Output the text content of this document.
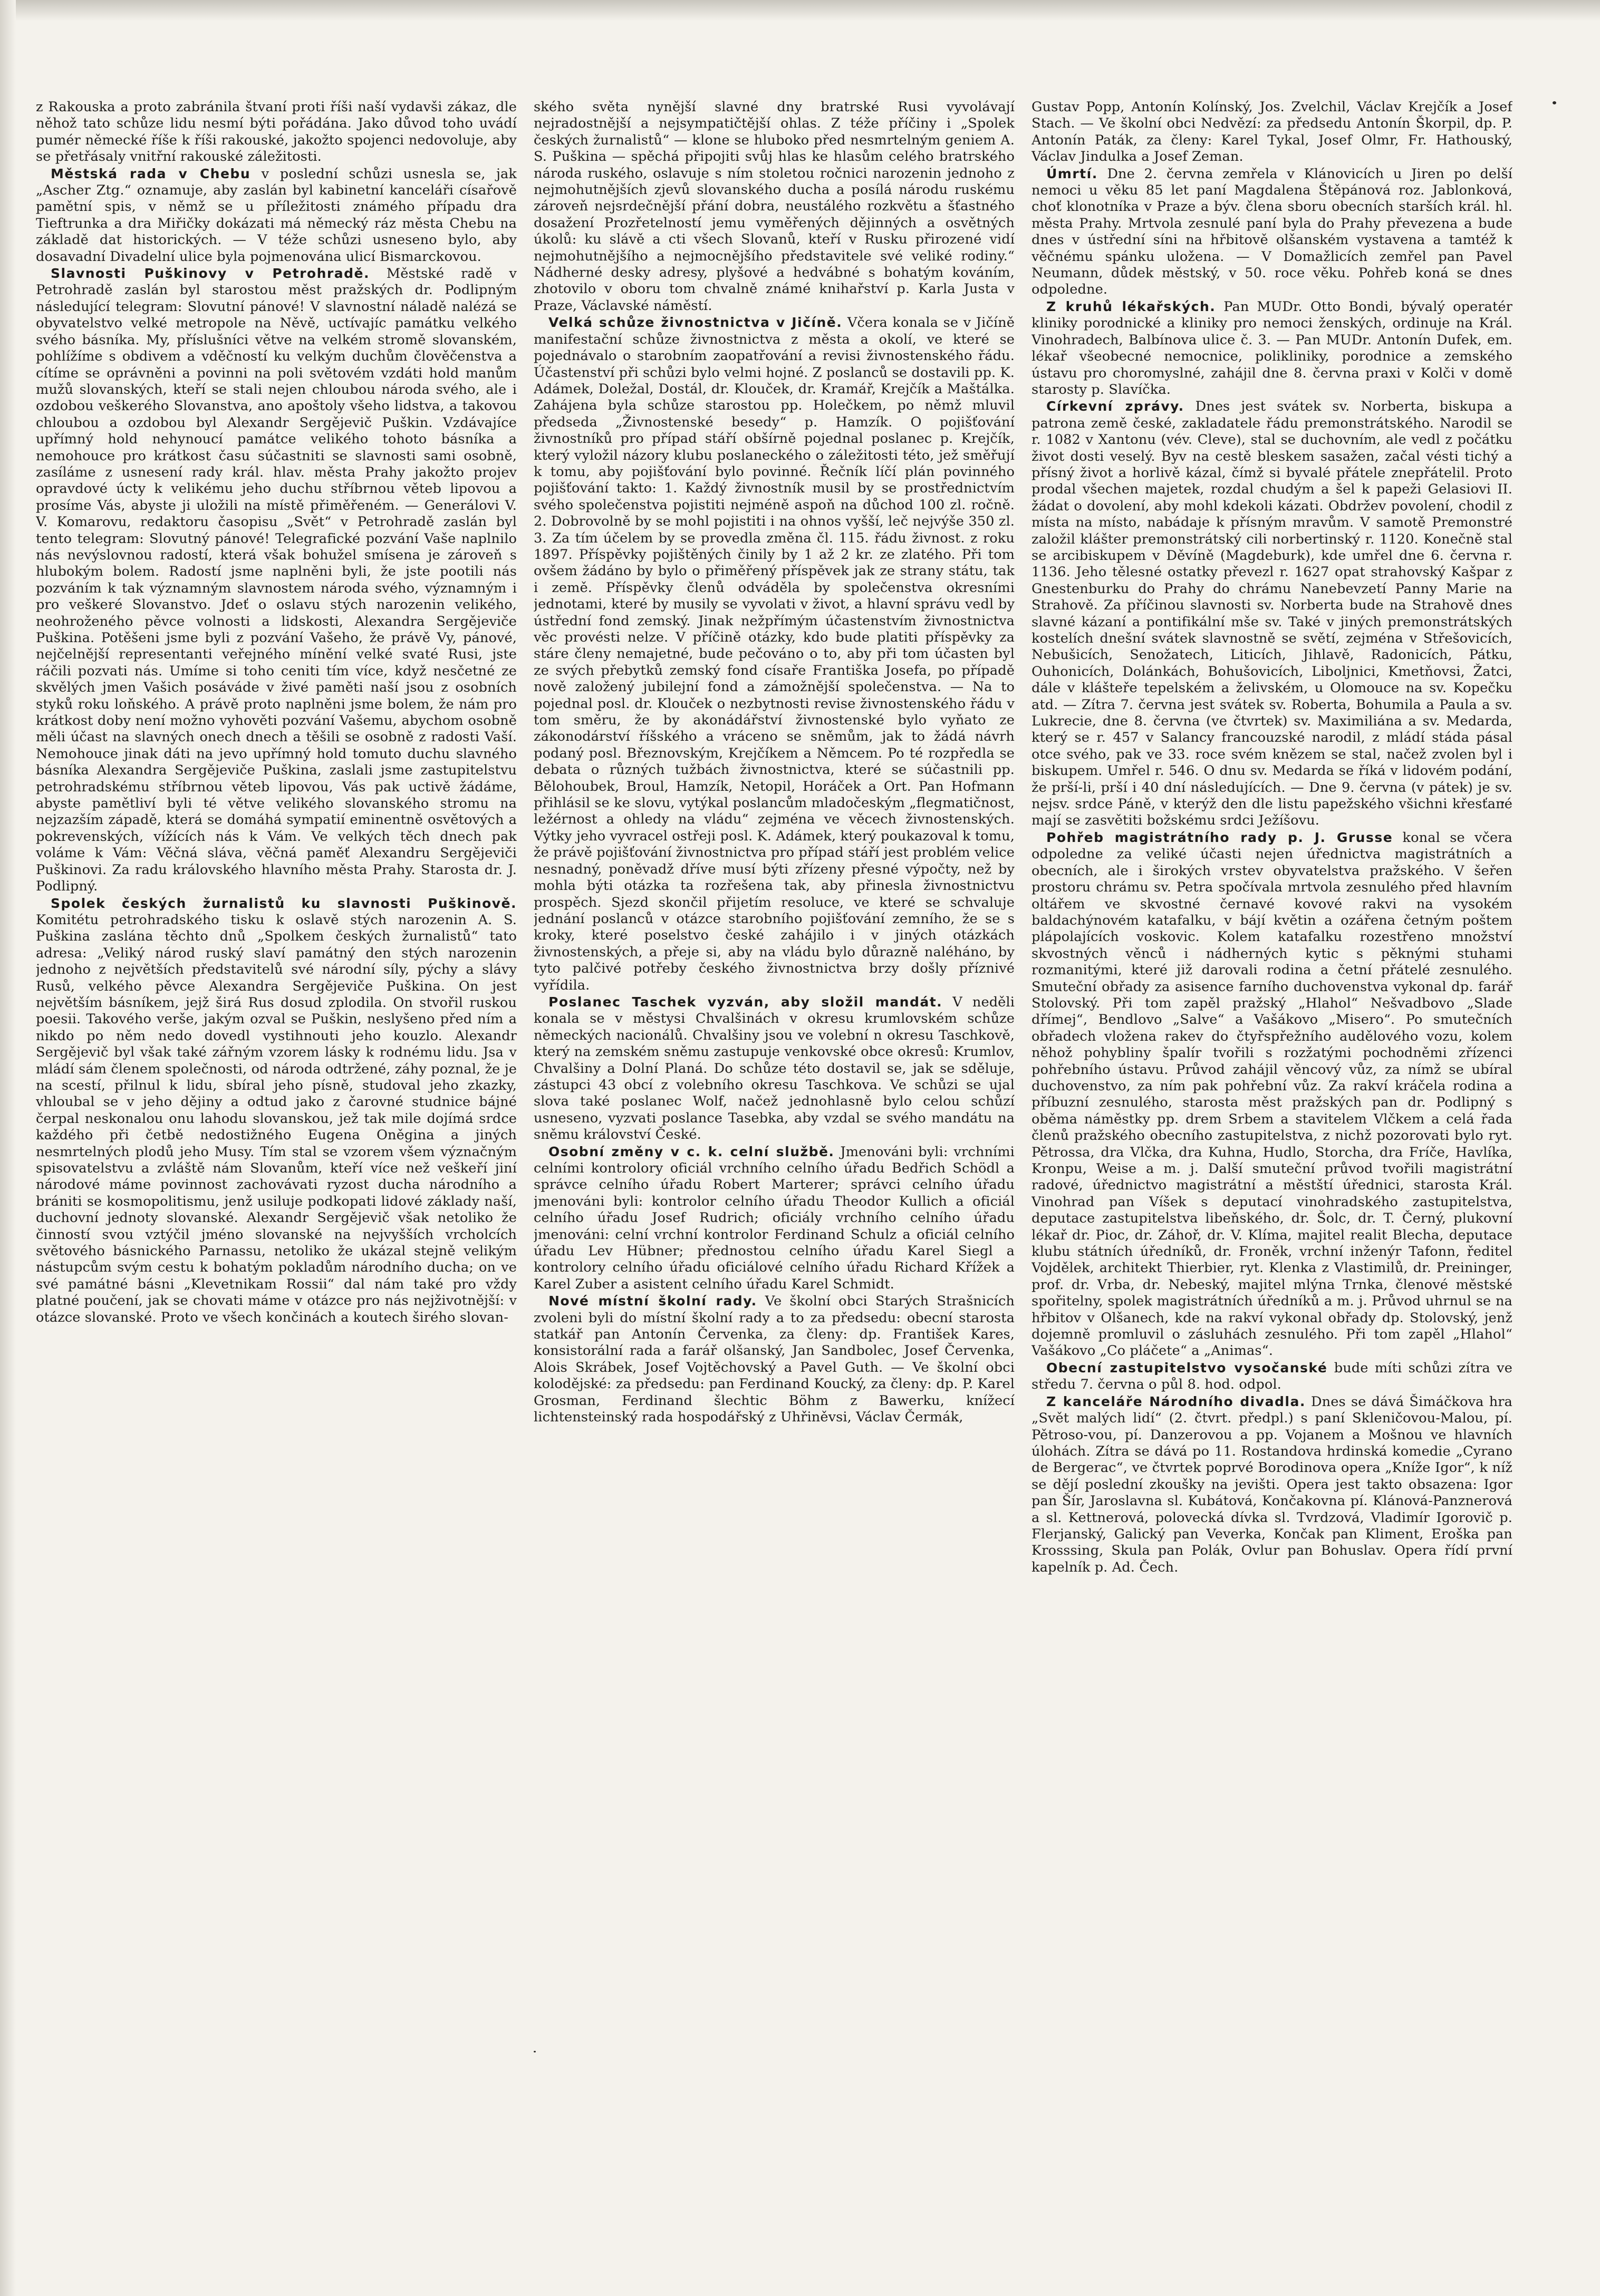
z Rakouska a proto zabránila štvaní proti říši naší vydavši zákaz, dle něhož tato schůze lidu nesmí býti pořádána. Jako důvod toho uvádí pumér německé říše k říši rakouské, jakožto spojenci nedovoluje, aby se přetřásaly vnitřní rakouské záležitosti.

Městská rada v Chebu v poslední schůzi usnesla se, jak „Ascher Ztg.“ oznamuje, aby zaslán byl kabinetní kanceláři císařově pamětní spis, v němž se u příležitosti známého případu dra Tieftrunka a dra Miřičky dokázati má německý ráz města Chebu na základě dat historických. — V téže schůzi usneseno bylo, aby dosavadní Divadelní ulice byla pojmenována ulicí Bismarckovou.

Slavnosti Puškinovy v Petrohradě. Městské radě v Petrohradě zaslán byl starostou měst pražských dr. Podlipným následující telegram: Slovutní pánové! V slavnostní náladě nalézá se obyvatelstvo velké metropole na Něvě, uctívajíc památku velkého svého básníka. My, příslušníci větve na velkém stromě slovanském, pohlížíme s obdivem a vděčností ku velkým duchům člověčenstva a cítíme se oprávněni a povinni na poli světovém vzdáti hold manům mužů slovanských, kteří se stali nejen chloubou národa svého, ale i ozdobou veškerého Slovanstva, ano apoštoly všeho lidstva, a takovou chloubou a ozdobou byl Alexandr Sergějevič Puškin. Vzdávajíce upřímný hold nehynoucí památce velikého tohoto básníka a nemohouce pro krátkost času súčastniti se slavnosti sami osobně, zasíláme z usnesení rady král. hlav. města Prahy jakožto projev opravdové úcty k velikému jeho duchu stříbrnou věteb lipovou a prosíme Vás, abyste ji uložili na místě přiměřeném. — Generálovi V. V. Komarovu, redaktoru časopisu „Svět“ v Petrohradě zaslán byl tento telegram: Slovutný pánové! Telegrafické pozvání Vaše naplnilo nás nevýslovnou radostí, která však bohužel smísena je zároveň s hlubokým bolem. Radostí jsme naplněni byli, že jste pootili nás pozváním k tak významným slavnostem národa svého, významným i pro veškeré Slovanstvo. Jdeť o oslavu stých narozenin velikého, neohroženého pěvce volnosti a lidskosti, Alexandra Sergějeviče Puškina. Potěšeni jsme byli z pozvání Vašeho, že právě Vy, pánové, nejčelnější representanti veřejného mínění velké svaté Rusi, jste ráčili pozvati nás. Umíme si toho ceniti tím více, když nesčetné ze skvělých jmen Vašich posáváde v živé paměti naší jsou z osobních styků roku loňského. A právě proto naplněni jsme bolem, že nám pro krátkost doby není možno vyhověti pozvání Vašemu, abychom osobně měli účast na slavných onech dnech a těšili se osobně z radosti Vaší. Nemohouce jinak dáti na jevo upřímný hold tomuto duchu slavného básníka Alexandra Sergějeviče Puškina, zaslali jsme zastupitelstvu petrohradskému stříbrnou věteb lipovou, Vás pak uctivě žádáme, abyste pamětliví byli té větve velikého slovanského stromu na nejzazším západě, která se domáhá sympatií eminentně osvětových a pokrevenských, vížících nás k Vám. Ve velkých těch dnech pak voláme k Vám: Věčná sláva, věčná paměť Alexandru Sergějeviči Puškinovi. Za radu královského hlavního města Prahy. Starosta dr. J. Podlipný.

Spolek českých žurnalistů ku slavnosti Puškinově. Komitétu petrohradského tisku k oslavě stých narozenin A. S. Puškina zaslána těchto dnů „Spolkem českých žurnalistů“ tato adresa: „Veliký národ ruský slaví památný den stých narozenin jednoho z největších představitelů své národní síly, pýchy a slávy Rusů, velkého pěvce Alexandra Sergějeviče Puškina. On jest největším básníkem, jejž širá Rus dosud zplodila. On stvořil ruskou poesii. Takového verše, jakým ozval se Puškin, neslyšeno před ním a nikdo po něm nedo dovedl vystihnouti jeho kouzlo. Alexandr Sergějevič byl však také zářným vzorem lásky k rodnému lidu. Jsa v mládí sám členem společnosti, od národa odtržené, záhy poznal, že je na scestí, přilnul k lidu, sbíral jeho písně, studoval jeho zkazky, vhloubal se v jeho dějiny a odtud jako z čarovné studnice bájné čerpal neskonalou onu lahodu slovanskou, jež tak mile dojímá srdce každého při četbě nedostižného Eugena Oněgina a jiných nesmrtelných plodů jeho Musy. Tím stal se vzorem všem význačným spisovatelstvu a zvláště nám Slovanům, kteří více než veškeří jiní národové máme povinnost zachovávati ryzost ducha národního a brániti se kosmopolitismu, jenž usiluje podkopati lidové základy naší, duchovní jednoty slovanské. Alexandr Sergějevič však netoliko že činností svou vztýčil jméno slovanské na nejvyšších vrcholcích světového básnického Parnassu, netoliko že ukázal stejně velikým nástupcům svým cestu k bohatým pokladům národního ducha; on ve své památné básni „Klevetnikam Rossii“ dal nám také pro vždy platné poučení, jak se chovati máme v otázce pro nás nejživotnější: v otázce slovanské. Proto ve všech končinách a koutech širého slovan-

ského světa nynější slavné dny bratrské Rusi vyvolávají nejradostnější a nejsympatičtější ohlas. Z téže příčiny i „Spolek českých žurnalistů“ — klone se hluboko před nesmrtelným geniem A. S. Puškina — spěchá připojiti svůj hlas ke hlasům celého bratrského národa ruského, oslavuje s ním stoletou ročnici narozenin jednoho z nejmohutnějších zjevů slovanského ducha a posílá národu ruskému zároveň nejsrdečnější přání dobra, neustálého rozkvětu a šťastného dosažení Prozřetelností jemu vyměřených dějinných a osvětných úkolů: ku slávě a cti všech Slovanů, kteří v Rusku přirozené vidí nejmohutnějšího a nejmocnějšího představitele své veliké rodiny.“ Nádherné desky adresy, plyšové a hedvábné s bohatým kováním, zhotovilo v oboru tom chvalně známé knihařství p. Karla Justa v Praze, Václavské náměstí.

Velká schůze živnostnictva v Jičíně. Včera konala se v Jičíně manifestační schůze živnostnictva z města a okolí, ve které se pojednávalo o starobním zaopatřování a revisi živnostenského řádu. Účastenství při schůzi bylo velmi hojné. Z poslanců se dostavili pp. K. Adámek, Doležal, Dostál, dr. Klouček, dr. Kramář, Krejčík a Maštálka. Zahájena byla schůze starostou pp. Holečkem, po němž mluvil předseda „Živnostenské besedy“ p. Hamzík. O pojišťování živnostníků pro případ stáří obšírně pojednal poslanec p. Krejčík, který vyložil názory klubu poslaneckého o záležitosti této, jež směřují k tomu, aby pojišťování bylo povinné. Řečník líčí plán povinného pojišťování takto: 1. Každý živnostník musil by se prostřednictvím svého společenstva pojistiti nejméně aspoň na důchod 100 zl. ročně. 2. Dobrovolně by se mohl pojistiti i na ohnos vyšší, leč nejvýše 350 zl. 3. Za tím účelem by se provedla změna čl. 115. řádu živnost. z roku 1897. Příspěvky pojištěných činily by 1 až 2 kr. ze zlatého. Při tom ovšem žádáno by bylo o přiměřený příspěvek jak ze strany státu, tak i země. Příspěvky členů odváděla by společenstva okresními jednotami, které by musily se vyvolati v život, a hlavní správu vedl by ústřední fond zemský. Jinak nežpřímým účastenstvím živnostnictva věc provésti nelze. V příčině otázky, kdo bude platiti příspěvky za stáre členy nemajetné, bude pečováno o to, aby při tom účasten byl ze svých přebytků zemský fond císaře Františka Josefa, po případě nově založený jubilejní fond a zámožnější společenstva. — Na to pojednal posl. dr. Klouček o nezbytnosti revise živnostenského řádu v tom směru, že by akonádářství živnostenské bylo vyňato ze zákonodárství říšského a vráceno se sněmům, jak to žádá návrh podaný posl. Březnovským, Krejčíkem a Němcem. Po té rozpředla se debata o různých tužbách živnostnictva, které se súčastnili pp. Bělohoubek, Broul, Hamzík, Netopil, Horáček a Ort. Pan Hofmann přihlásil se ke slovu, vytýkal poslancům mladočeským „flegmatičnost, ležérnost a ohledy na vládu“ zejména ve věcech živnostenských. Výtky jeho vyvracel ostřeji posl. K. Adámek, který poukazoval k tomu, že právě pojišťování živnostnictva pro případ stáří jest problém velice nesnadný, poněvadž dříve musí býti zřízeny přesné výpočty, než by mohla býti otázka ta rozřešena tak, aby přinesla živnostnictvu prospěch. Sjezd skončil přijetím resoluce, ve které se schvaluje jednání poslanců v otázce starobního pojišťování zemního, že se s kroky, které poselstvo české zahájilo i v jiných otázkách živnostenských, a přeje si, aby na vládu bylo důrazně naléháno, by tyto palčivé potřeby českého živnostnictva brzy došly příznivé vyřídila.

Poslanec Taschek vyzván, aby složil mandát. V neděli konala se v městysi Chvalšinách v okresu krumlovském schůze německých nacionálů. Chvalšiny jsou ve volební n okresu Taschkově, který na zemském sněmu zastupuje venkovské obce okresů: Krumlov, Chvalšiny a Dolní Planá. Do schůze této dostavil se, jak se sděluje, zástupci 43 obcí z volebního okresu Taschkova. Ve schůzi se ujal slova také poslanec Wolf, načež jednohlasně bylo celou schůzí usneseno, vyzvati poslance Tasebka, aby vzdal se svého mandátu na sněmu království České.

Osobní změny v c. k. celní službě. Jmenováni byli: vrchními celními kontrolory oficiál vrchního celního úřadu Bedřich Schödl a správce celního úřadu Robert Marterer; správci celního úřadu jmenováni byli: kontrolor celního úřadu Theodor Kullich a oficiál celního úřadu Josef Rudrich; oficiály vrchního celního úřadu jmenováni: celní vrchní kontrolor Ferdinand Schulz a oficiál celního úřadu Lev Hübner; přednostou celního úřadu Karel Siegl a kontrolory celního úřadu oficiálové celního úřadu Richard Křížek a Karel Zuber a asistent celního úřadu Karel Schmidt.

Nové místní školní rady. Ve školní obci Starých Strašnicích zvoleni byli do místní školní rady a to za předsedu: obecní starosta statkář pan Antonín Červenka, za členy: dp. František Kares, konsistorální rada a farář olšanský, Jan Sandbolec, Josef Červenka, Alois Skrábek, Josef Vojtěchovský a Pavel Guth. — Ve školní obci kolodějské: za předsedu: pan Ferdinand Koucký, za členy: dp. P. Karel Grosman, Ferdinand šlechtic Böhm z Bawerku, knížecí lichtensteinský rada hospodářský z Uhřiněvsi, Václav Čermák,

Gustav Popp, Antonín Kolínský, Jos. Zvelchil, Václav Krejčík a Josef Stach. — Ve školní obci Nedvězí: za předsedu Antonín Škorpil, dp. P. Antonín Paták, za členy: Karel Tykal, Josef Olmr, Fr. Hathouský, Václav Jindulka a Josef Zeman.

Úmrtí. Dne 2. června zemřela v Klánovicích u Jiren po delší nemoci u věku 85 let paní Magdalena Štěpánová roz. Jablonková, choť klonotníka v Praze a býv. člena sboru obecních starších král. hl. města Prahy. Mrtvola zesnulé paní byla do Prahy převezena a bude dnes v ústřední síni na hřbitově olšanském vystavena a tamtéž k věčnému spánku uložena. — V Domažlicích zemřel pan Pavel Neumann, důdek městský, v 50. roce věku. Pohřeb koná se dnes odpoledne.

Z kruhů lékařských. Pan MUDr. Otto Bondi, bývalý operatér kliniky porodnické a kliniky pro nemoci ženských, ordinuje na Král. Vinohradech, Balbínova ulice č. 3. — Pan MUDr. Antonín Dufek, em. lékař všeobecné nemocnice, polikliniky, porodnice a zemského ústavu pro choromyslné, zahájil dne 8. června praxi v Kolči v domě starosty p. Slavíčka.

Církevní zprávy. Dnes jest svátek sv. Norberta, biskupa a patrona země české, zakladatele řádu premonstrátského. Narodil se r. 1082 v Xantonu (vév. Cleve), stal se duchovním, ale vedl z počátku život dosti veselý. Byv na cestě bleskem sasažen, začal vésti tichý a přísný život a horlivě kázal, čímž si byvalé přátele znepřátelil. Proto prodal všechen majetek, rozdal chudým a šel k papeži Gelasiovi II. žádat o dovolení, aby mohl kdekoli kázati. Obdržev povolení, chodil z místa na místo, nabádaje k přísným mravům. V samotě Premonstré založil klášter premonstrátský cili norbertinský r. 1120. Konečně stal se arcibiskupem v Děvíně (Magdeburk), kde umřel dne 6. června r. 1136. Jeho tělesné ostatky převezl r. 1627 opat strahovský Kašpar z Gnestenburku do Prahy do chrámu Nanebevzetí Panny Marie na Strahově. Za příčinou slavnosti sv. Norberta bude na Strahově dnes slavné kázaní a pontifikální mše sv. Také v jiných premonstrátských kostelích dnešní svátek slavnostně se světí, zejména v Střešovicích, Nebušicích, Senožatech, Liticích, Jihlavě, Radonicích, Pátku, Ouhonicích, Dolánkách, Bohušovicích, Liboljnici, Kmetňovsi, Žatci, dále v klášteře tepelském a želivském, u Olomouce na sv. Kopečku atd. — Zítra 7. června jest svátek sv. Roberta, Bohumila a Paula a sv. Lukrecie, dne 8. června (ve čtvrtek) sv. Maximiliána a sv. Medarda, který se r. 457 v Salancy francouzské narodil, z mládí stáda pásal otce svého, pak ve 33. roce svém knězem se stal, načež zvolen byl i biskupem. Umřel r. 546. O dnu sv. Medarda se říká v lidovém podání, že prší-li, prší i 40 dní následujících. — Dne 9. června (v pátek) je sv. nejsv. srdce Páně, v kterýž den dle listu papežského všichni křesťané mají se zasvětiti božskému srdci Ježíšovu.

Pohřeb magistrátního rady p. J. Grusse konal se včera odpoledne za veliké účasti nejen úřednictva magistrátních a obecních, ale i širokých vrstev obyvatelstva pražského. V šeřen prostoru chrámu sv. Petra spočívala mrtvola zesnulého před hlavním oltářem ve skvostné černavé kovové rakvi na vysokém baldachýnovém katafalku, v bájí květin a ozářena četným poštem plápolajících voskovic. Kolem katafalku rozestřeno množství skvostných věnců i nádherných kytic s pěknými stuhami rozmanitými, které již darovali rodina a četní přátelé zesnulého. Smuteční obřady za asisence farního duchovenstva vykonal dp. farář Stolovský. Při tom zapěl pražský „Hlahol“ Nešvadbovo „Slade dřímej“, Bendlovo „Salve“ a Vašákovo „Misero“. Po smutečních obřadech vložena rakev do čtyřspřežního audělového vozu, kolem něhož pohybliny špalír tvořili s rozžatými pochodněmi zřízenci pohřebního ústavu. Průvod zahájil věncový vůz, za nímž se ubíral duchovenstvo, za ním pak pohřební vůz. Za rakví kráčela rodina a příbuzní zesnulého, starosta měst pražských pan dr. Podlipný s oběma náměstky pp. drem Srbem a stavitelem Vlčkem a celá řada členů pražského obecního zastupitelstva, z nichž pozorovati bylo ryt. Pětrossa, dra Vlčka, dra Kuhna, Hudlo, Storcha, dra Fríče, Havlíka, Kronpu, Weise a m. j. Další smuteční průvod tvořili magistrátní radové, úřednictvo magistrátní a městští úřednici, starosta Král. Vinohrad pan Víšek s deputací vinohradského zastupitelstva, deputace zastupitelstva libeňského, dr. Šolc, dr. T. Černý, plukovní lékař dr. Pioc, dr. Záhoř, dr. V. Klíma, majitel realit Blecha, deputace klubu státních úředníků, dr. Froněk, vrchní inženýr Tafonn, ředitel Vojdělek, architekt Thierbier, ryt. Klenka z Vlastimilů, dr. Preininger, prof. dr. Vrba, dr. Nebeský, majitel mlýna Trnka, členové městské spořitelny, spolek magistrátních úředníků a m. j. Průvod uhrnul se na hřbitov v Olšanech, kde na rakví vykonal obřady dp. Stolovský, jenž dojemně promluvil o zásluhách zesnulého. Při tom zapěl „Hlahol“ Vašákovo „Co pláčete“ a „Animas“.

Obecní zastupitelstvo vysočanské bude míti schůzi zítra ve středu 7. června o půl 8. hod. odpol.

Z kanceláře Národního divadla. Dnes se dává Šimáčkova hra „Svět malých lidí“ (2. čtvrt. předpl.) s paní Skleničovou-Malou, pí. Pětroso-vou, pí. Danzerovou a pp. Vojanem a Mošnou ve hlavních úlohách. Zítra se dává po 11. Rostandova hrdinská komedie „Cyrano de Bergerac“, ve čtvrtek poprvé Borodinova opera „Kníže Igor“, k níž se dějí poslední zkoušky na jevišti. Opera jest takto obsazena: Igor pan Šír, Jaroslavna sl. Kubátová, Končakovna pí. Klánová-Panznerová a sl. Kettnerová, polovecká dívka sl. Tvrdzová, Vladimír Igorovič p. Flerjanský, Galický pan Veverka, Končak pan Kliment, Eroška pan Krosssing, Skula pan Polák, Ovlur pan Bohuslav. Opera řídí první kapelník p. Ad. Čech.
